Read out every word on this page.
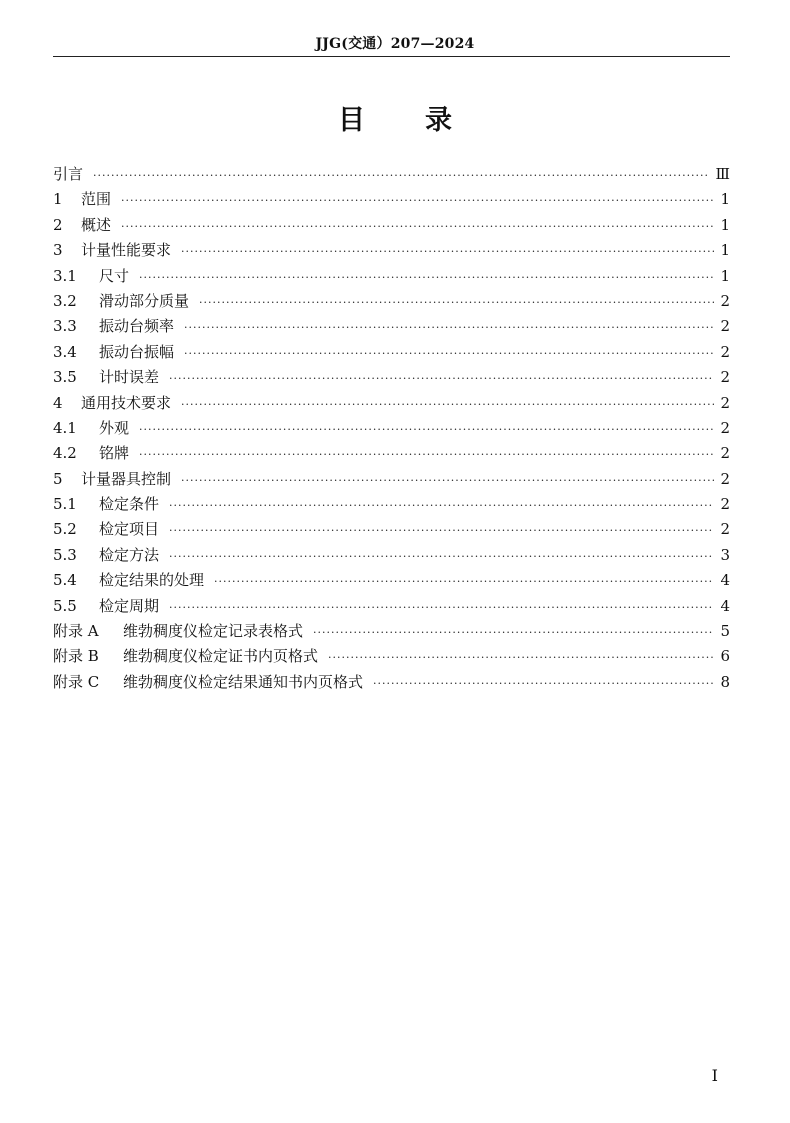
JJG(交通）207—2024
目 录
引言 ·····	Ⅲ
1	范围 ·····	1
2	概述 ·····	1
3	计量性能要求 ·····	1
3.1	尺寸 ·····	1
3.2	滑动部分质量 ·····	2
3.3	振动台频率 ·····	2
3.4	振动台振幅 ·····	2
3.5	计时误差 ·····	2
4	通用技术要求 ·····	2
4.1	外观 ·····	2
4.2	铭牌 ·····	2
5	计量器具控制 ·····	2
5.1	检定条件 ·····	2
5.2	检定项目 ·····	2
5.3	检定方法 ·····	3
5.4	检定结果的处理 ·····	4
5.5	检定周期 ·····	4
附录 A	维勃稠度仪检定记录表格式 ·····	5
附录 B	维勃稠度仪检定证书内页格式 ·····	6
附录 C	维勃稠度仪检定结果通知书内页格式 ·····	8
I
